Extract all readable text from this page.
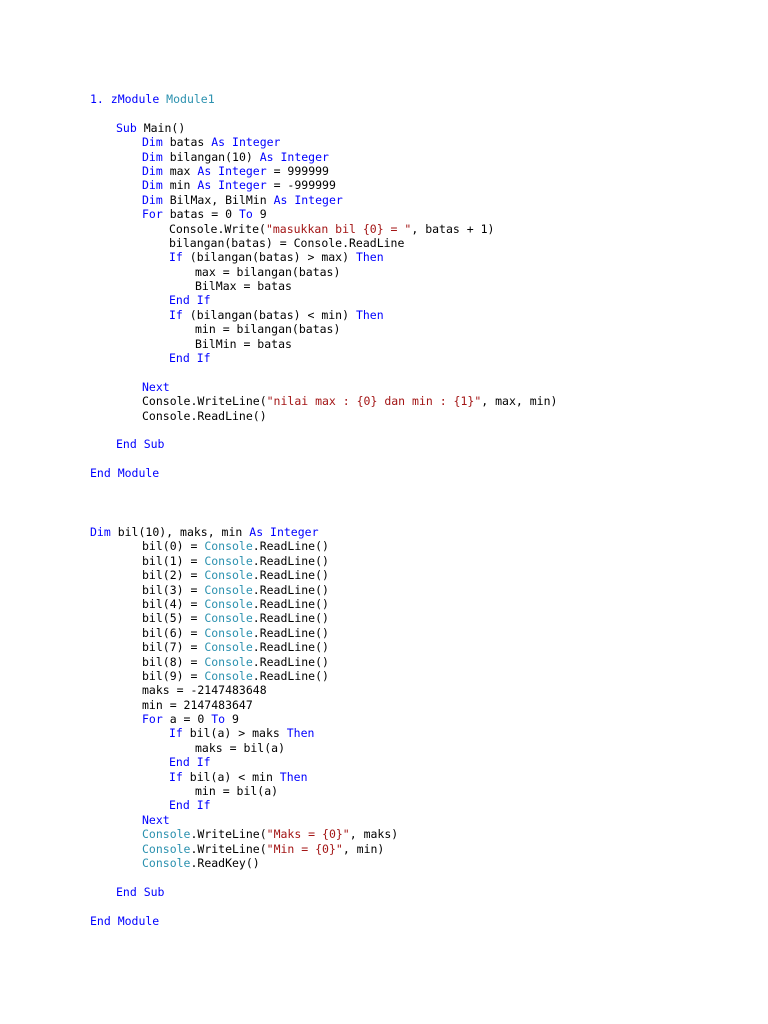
1. zModule Module1
Sub Main()
Dim batas As Integer
Dim bilangan(10) As Integer
Dim max As Integer = 999999
Dim min As Integer = -999999
Dim BilMax, BilMin As Integer
For batas = 0 To 9
Console.Write("masukkan bil {0} = ", batas + 1)
bilangan(batas) = Console.ReadLine
If (bilangan(batas) > max) Then
max = bilangan(batas)
BilMax = batas
End If
If (bilangan(batas) < min) Then
min = bilangan(batas)
BilMin = batas
End If
Next
Console.WriteLine("nilai max : {0} dan min : {1}", max, min)
Console.ReadLine()
End Sub
End Module
Dim bil(10), maks, min As Integer
bil(0) = Console.ReadLine()
bil(1) = Console.ReadLine()
bil(2) = Console.ReadLine()
bil(3) = Console.ReadLine()
bil(4) = Console.ReadLine()
bil(5) = Console.ReadLine()
bil(6) = Console.ReadLine()
bil(7) = Console.ReadLine()
bil(8) = Console.ReadLine()
bil(9) = Console.ReadLine()
maks = -2147483648
min = 2147483647
For a = 0 To 9
If bil(a) > maks Then
maks = bil(a)
End If
If bil(a) < min Then
min = bil(a)
End If
Next
Console.WriteLine("Maks = {0}", maks)
Console.WriteLine("Min = {0}", min)
Console.ReadKey()
End Sub
End Module
